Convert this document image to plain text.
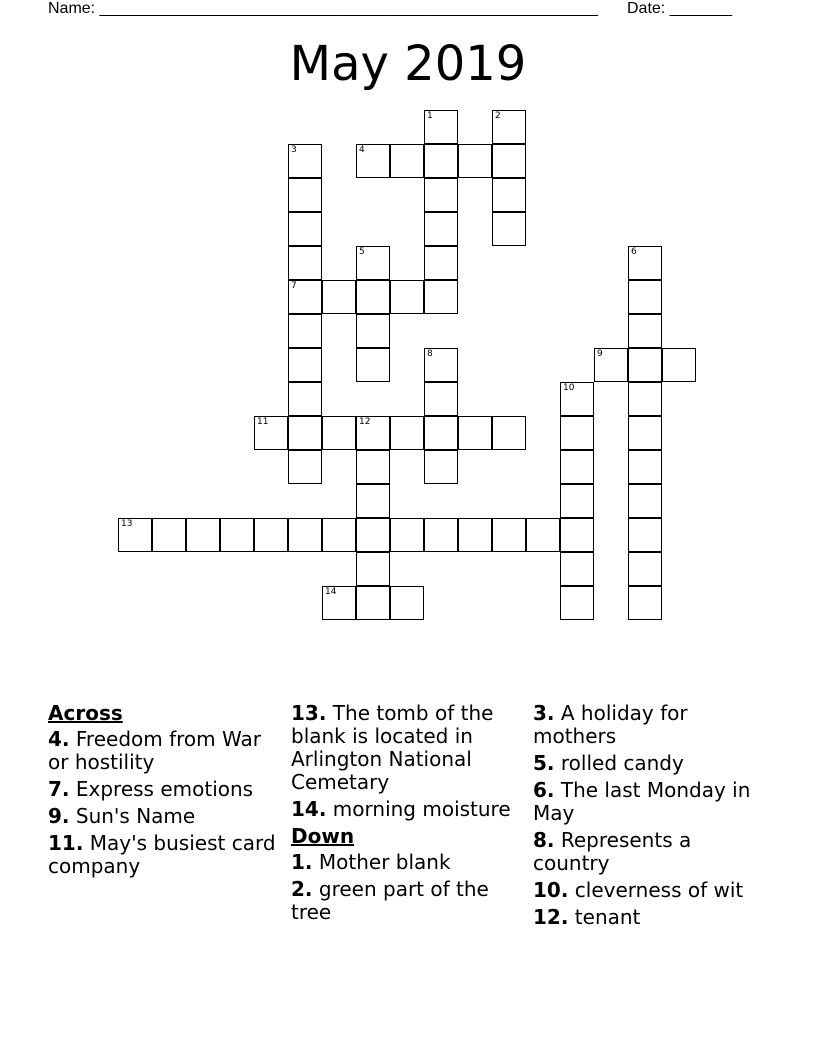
Name: ________________________________________________________ Date: _______
May 2019
1	2
3	4
5	6
7
8	9
10
11	12
13
14
Across
4. Freedom from War or hostility
7. Express emotions
9. Sun's Name
11. May's busiest card company
13. The tomb of the blank is located in Arlington National Cemetary
14. morning moisture
Down
1. Mother blank
2. green part of the tree
3. A holiday for mothers
5. rolled candy
6. The last Monday in May
8. Represents a country
10. cleverness of wit
12. tenant
